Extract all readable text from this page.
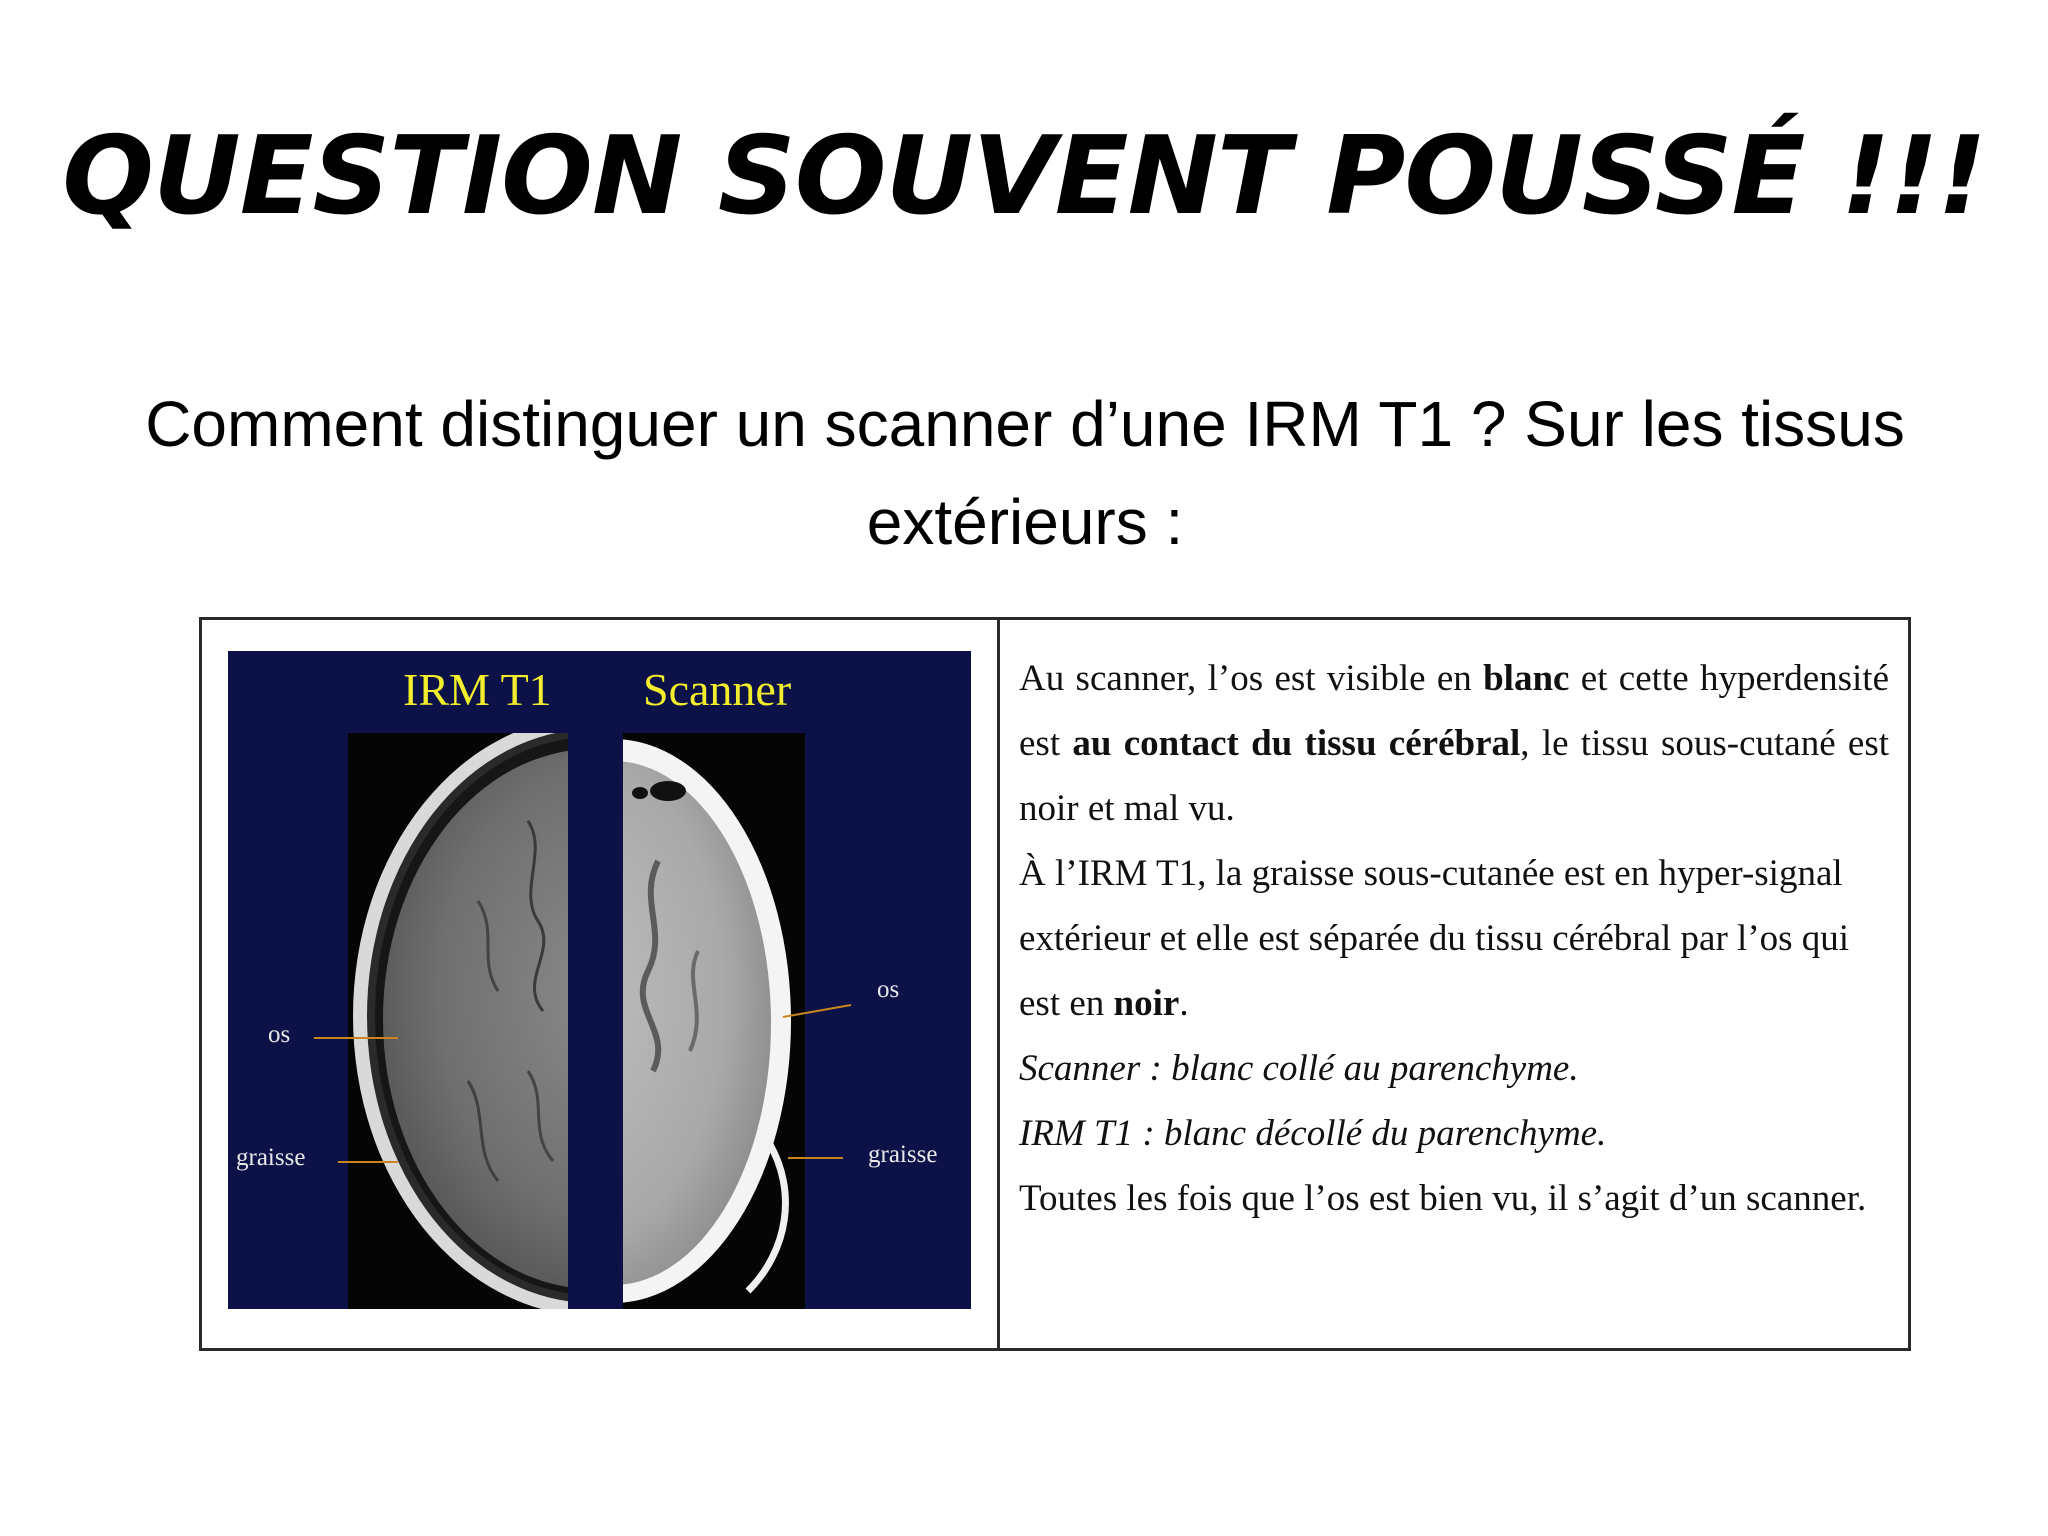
QUESTION SOUVENT POUSSÉ !!!
Comment distinguer un scanner d’une IRM T1 ? Sur les tissus extérieurs :
IRM T1 Scanner
os
graisse
os
graisse
Au scanner, l’os est visible en blanc et cette hyperdensité est au contact du tissu cérébral, le tissu sous-cutané est noir et mal vu.
À l’IRM T1, la graisse sous-cutanée est en hyper-signal extérieur et elle est séparée du tissu cérébral par l’os qui est en noir.
Scanner : blanc collé au parenchyme.
IRM T1 : blanc décollé du parenchyme.
Toutes les fois que l’os est bien vu, il s’agit d’un scanner.
